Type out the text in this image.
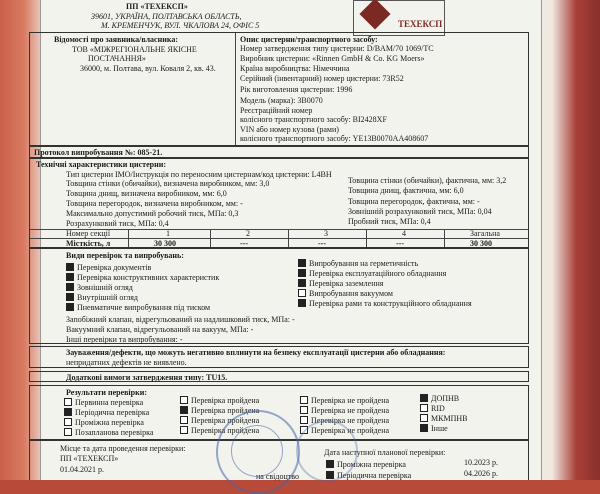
ПП «ТЕХЕКСП»
39601, УКРАЇНА, ПОЛТАВСЬКА ОБЛАСТЬ,
М. КРЕМЕНЧУК, ВУЛ. ЧКАЛОВА 24, ОФІС 5	ТЕХЕКСП
Відомості про заявника/власника:
ТОВ «МІЖРЕГІОНАЛЬНЕ ЯКІСНЕ
ПОСТАЧАННЯ»
36000, м. Полтава, вул. Коваля 2, кв. 43.
Опис цистерни/транспортного засобу:
Номер затвердження типу цистерни: D/BAM/70 1069/TC
Виробник цистерни: «Rinnen GmbH & Co. KG Moers»
Країна виробництва: Німеччина
Серійний (інвентарний) номер цистерни: 73R52
Рік виготовлення цистерни: 1996
Модель (марка): 3B0070
Реєстраційний номер
колісного транспортного засобу: BI2428XF
VIN або номер кузова (рами)
колісного транспортного засобу: YE13B0070AA408607
Протокол випробування №: 085-21.
Технічні характеристики цистерни:
Тип цистерни IMO/Інструкція по переносним цистернам/код цистерни: L4BH
Товщина стінки (обичайки), визначена виробником, мм: 3,0	Товщина стінки (обичайки), фактична, мм: 3,2
Товщина днищ, визначена виробником, мм: 6,0	Товщина днищ, фактична, мм: 6,0
Товщина перегородок, визначена виробником, мм: -	Товщина перегородок, фактична, мм: -
Максимально допустимий робочий тиск, МПа: 0,3	Зовнішній розрахунковий тиск, МПа: 0,04
Розрахунковий тиск, МПа: 0,4	Пробний тиск, МПа: 0,4
Номер секції	1	2	3	4	Загальна
Місткість, л	30 300	---	---	---	30 300
Види перевірок та випробувань:
Перевірка документів
Перевірка конструктивних характеристик
Зовнішній огляд
Внутрішній огляд
Пневматичне випробування під тиском
Випробування на герметичність
Перевірка експлуатаційного обладнання
Перевірка заземлення
Випробування вакуумом
Перевірка рами та конструкційного обладнання
Запобіжний клапан, відрегульований на надлишковий тиск, МПа: -
Вакуумний клапан, відрегульований на вакуум, МПа: -
Інші перевірки та випробування: -
Зауваження/дефекти, що можуть негативно вплинути на безпеку експлуатації цистерни або обладнання:
непридатних дефектів не виявлено.
Додаткові вимоги затвердження типу: TU15.
Результати перевірки:
Первинна перевірка
Періодична перевірка
Проміжна перевірка
Позапланова перевірка
Перевірка пройдена
Перевірка пройдена
Перевірка пройдена
Перевірка пройдена
Перевірка не пройдена
Перевірка не пройдена
Перевірка не пройдена
Перевірка не пройдена
ДОПНВ
RID
МКМПНВ
Інше
Місце та дата проведення перевірки:
ПП «ТЕХЕКСП»
01.04.2021 р.
на свідоцтво
Дата наступної планової перевірки:
Проміжна перевірка	10.2023 р.
Періодична перевірка	04.2026 р.
